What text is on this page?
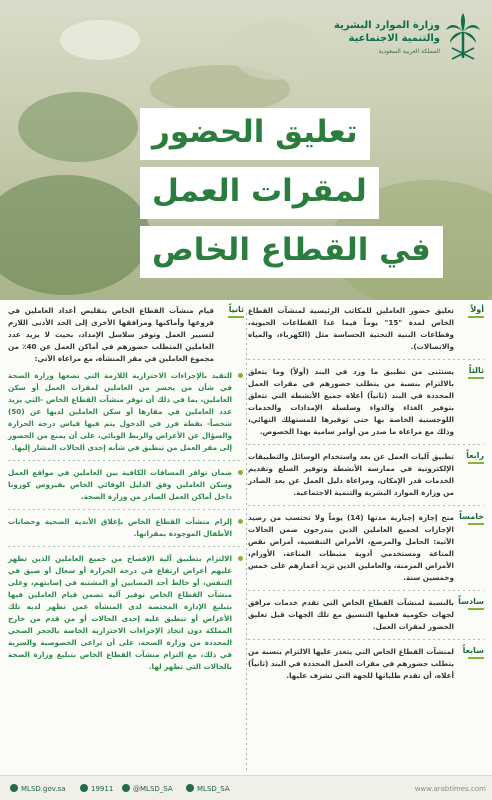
وزارة الموارد البشرية
والتنمية الاجتماعية
المملكة العربية السعودية
تعليق الحضور
لمقرات العمل
في القطاع الخاص
أولاً
تعليق حضور العاملين للمكاتب الرئيسية لمنشآت القطاع الخاص لمدة "15" يوماً فيما عدا القطاعات الحيوية، وقطاعات البنية التحتية الحساسة مثل (الكهرباء، والمياه والاتصالات).
ثالثاً
يستثنى من تطبيق ما ورد في البند (أولاً) وما يتعلق بالالتزام بنسبة من يتطلب حضورهم في مقرات العمل المحددة في البند (ثانياً) أعلاه جميع الأنشطة التي تتعلق بتوفير الغذاء والدواء وسلسلة الإمدادات والخدمات اللوجستية الخاصة بها حتى توفيرها للمستهلك النهائي، وذلك مع مراعاة ما صدر من أوامر سامية بهذا الخصوص.
رابعاً
تطبيق آليات العمل عن بعد واستخدام الوسائل والتطبيقات الإلكترونية في ممارسة الأنشطة وتوفير السلع وتقديم الخدمات قدر الإمكان، ومراعاة دليل العمل عن بعد الصادر من وزارة الموارد البشرية والتنمية الاجتماعية.
خامساً
منح إجازة إجبارية مدتها (14) يوماً ولا تحتسب من رصيد الإجازات لجميع العاملين الذين يندرجون ضمن الحالات الآتية: الحامل والمرضع، الأمراض التنفسية، أمراض نقص المناعة ومستخدمي أدوية مثبطات المناعة، الأورام، الأمراض المزمنة، والعاملين الذين تزيد أعمارهم على خمس وخمسين سنة.
سادساً
بالنسبة لمنشآت القطاع الخاص التي تقدم خدمات مرافق لجهات حكومية فعليها التنسيق مع تلك الجهات قبل تعليق الحضور لمقرات العمل.
سابعاً
لمنشآت القطاع الخاص التي يتعذر عليها الالتزام بنسبة من يتطلب حضورهم في مقرات العمل المحددة في البند (ثانياً) أعلاه، أن تقدم طلباتها للجهة التي تشرف عليها.
ثانياً
قيام منشآت القطاع الخاص بتقليص أعداد العاملين في فروعها وأماكنها ومرافقها الأخرى إلى الحد الأدنى اللازم لتسيير العمل وتوفر سلاسل الإمداد، بحيث لا يزيد عدد العاملين المتطلب حضورهم في أماكن العمل عن 40٪ من مجموع العاملين في مقر المنشأة، مع مراعاة الآتي:
التقيد بالإجراءات الاحترازية اللازمة التي تضعها وزارة الصحة في شأن من يحضر من العاملين لمقرات العمل أو سكن العاملين، بما في ذلك أن توفر منشآت القطاع الخاص -التي يزيد عدد العاملين في مقارها أو سكن العاملين لديها عن (50) شخصاً- نقطة فرز في الدخول يتم فيها قياس درجة الحرارة والسؤال عن الأعراض والربط الوبائي، على أن يمنع من الحضور إلى مقر العمل من تنطبق في شأنه إحدى الحالات المشار إليها.
ضمان توافر المسافات الكافية بين العاملين في مواقع العمل وسكن العاملين وفق الدليل الوقائي الخاص بفيروس كورونا داخل أماكن العمل الصادر من وزارة الصحة.
إلزام منشآت القطاع الخاص بإغلاق الأندية الصحية وحضانات الأطفال الموجودة بمقراتها.
الالتزام بتطبيق آلية الإفصاح من جميع العاملين الذين تظهر عليهم أعراض ارتفاع في درجة الحرارة أو سعال أو ضيق في التنفس، أو خالط أحد المصابين أو المشتبه في إصابتهم، وعلى منشآت القطاع الخاص توفير آلية تضمن قيام العاملين فيها بتبليغ الإدارة المختصة لدى المنشأة عمن تظهر لديه تلك الأعراض أو تنطبق عليه إحدى الحالات أو من قدم من خارج المملكة دون اتخاذ الإجراءات الاحترازية الخاصة بالحجر الصحي المحددة من وزارة الصحة، على أن تراعى الخصوصية والسرية في ذلك، مع التزام منشآت القطاع الخاص بتبليغ وزارة الصحة بالحالات التي تظهر لها.
MLSD.gov.sa	19911	@MLSD_SA	MLSD_SA	www.arabtimes.com
